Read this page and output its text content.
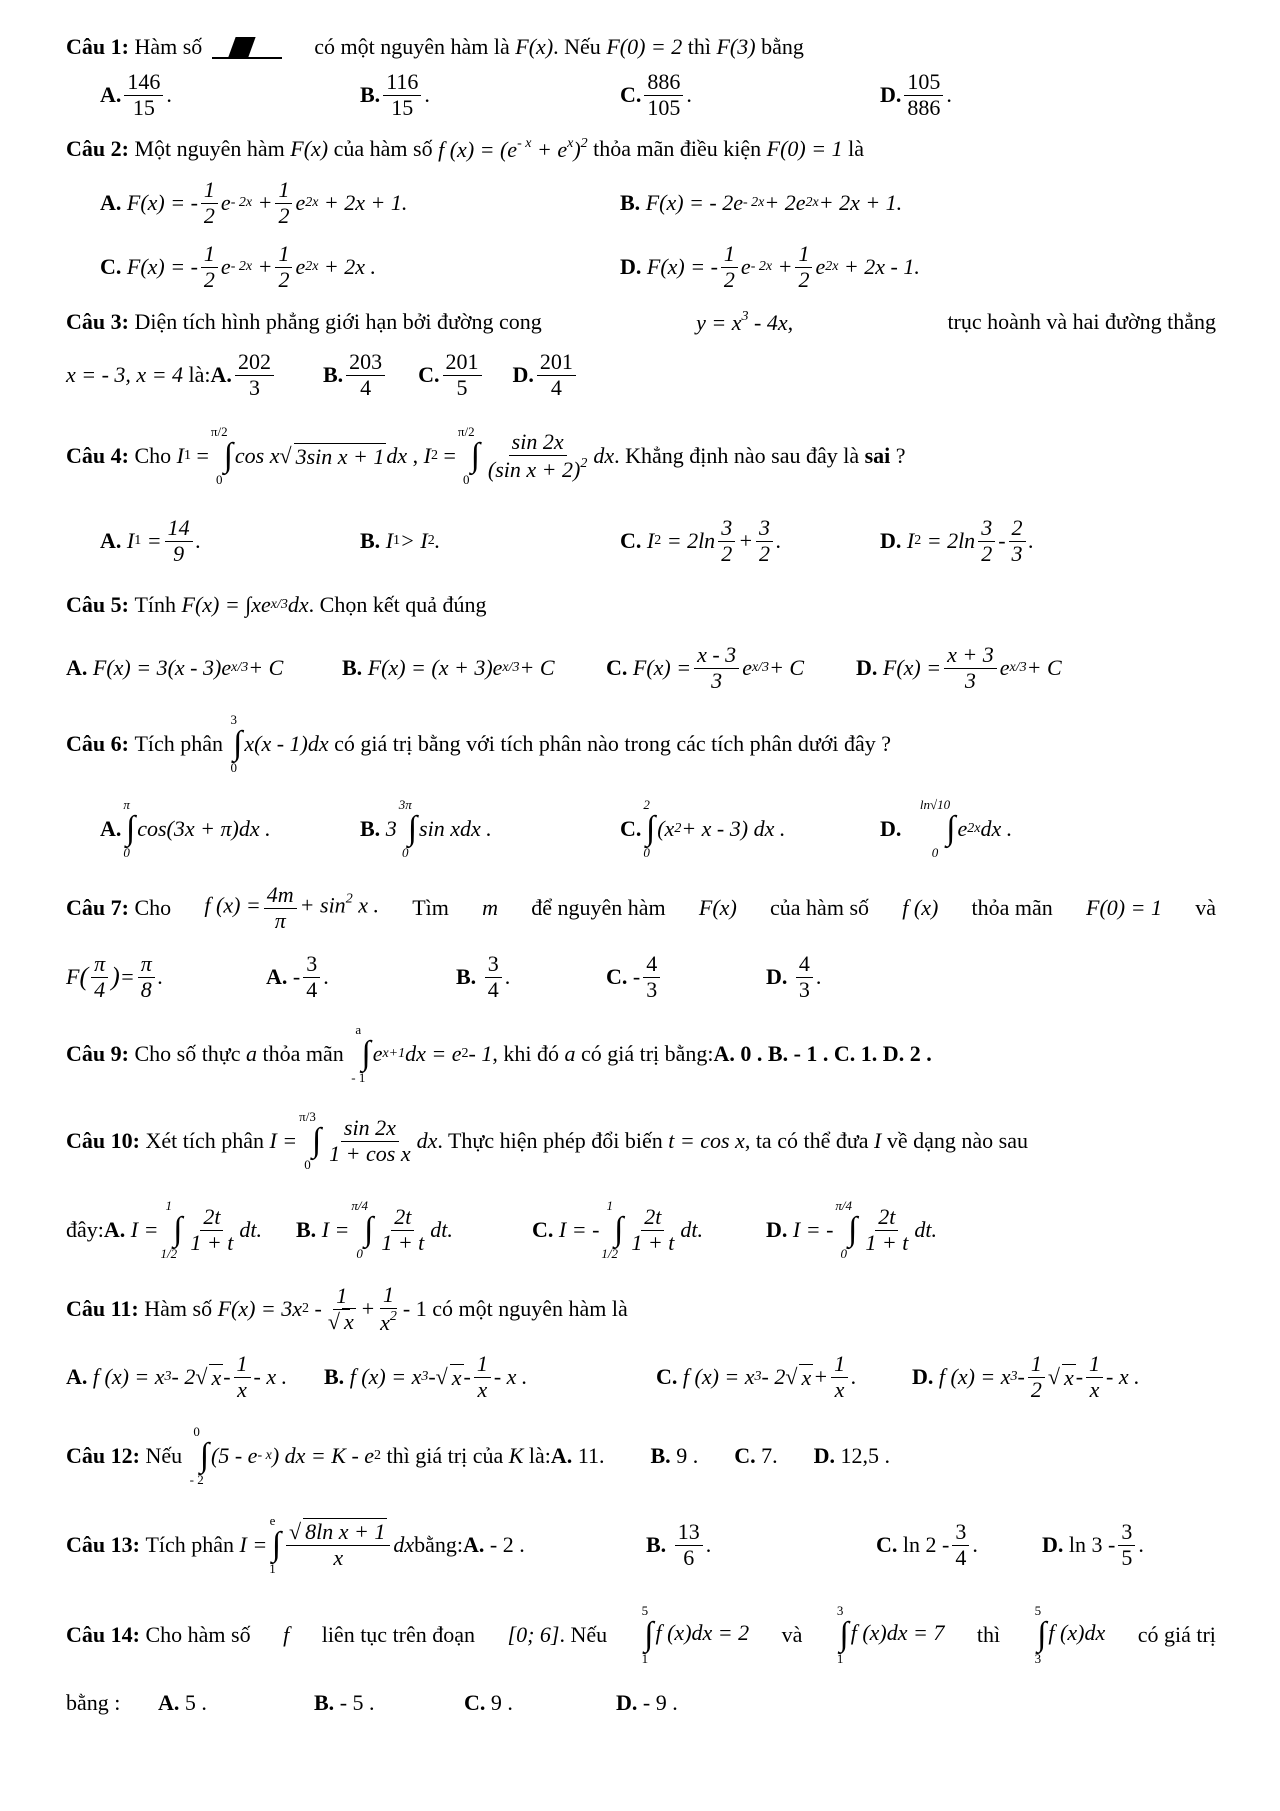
Câu 1:
Hàm số
	có một nguyên hàm là
F(x) . Nếu
F(0) = 2
thì
F(3)
bằng
A. $\frac{146}{15}$ .	B. $\frac{116}{15}$ .	C. $\frac{886}{105}$ .	D. $\frac{105}{886}$ .
Câu 2:
Một nguyên hàm
F(x)
của hàm số
f $(x) = (e^{- x} + e^x)^2$
thỏa mãn điều kiện
F(0) = 1
là
A.
F(x) = - $\frac{1}{2}$ e - 2x
+ $\frac{1}{2}$ e 2x
+ 2x + 1.	B.
F(x) = - 2e - 2x + 2e 2x + 2x + 1.
C.
F(x) = - $\frac{1}{2}$ e - 2x
+ $\frac{1}{2}$ e 2x
+ 2x .	D.
F(x) = - $\frac{1}{2}$ e - 2x
+ $\frac{1}{2}$ e 2x
+ 2x - 1.
Câu 3: Diện tích hình phẳng giới hạn bởi đường cong	$y = x^3 - 4x$,	trục hoành và hai đường thẳng
x = - 3, x = 4
là: A. $\frac{202}{3} B$. $\frac{203}{4} C$. $\frac{201}{5} D$. $\frac{201}{4}$
Câu 4:
Cho
I 1
=
π/2
0
∫ cos x √ 3sin x + 1 dx
,
I 2
=
π/2
0
∫ $\frac{\sin 2x}{(\sin x + 2)^2}$ dx . Khẳng định nào sau đây là
sai
?
A.
I 1
= $\frac{14}{9}$ .	B.
I 1 > I 2 .	C.
I 2
= $2\ln \frac{3}{2} + \frac{3}{2}$ .	D.
I 2
= $2\ln \frac{3}{2} - \frac{2}{3}$ .
Câu 5:
Tính
F(x) = ∫xe x/3 dx . Chọn kết quả đúng
A.
F(x) = 3(x - 3)e x/3 + C	B.
F(x) = (x + 3)e x/3 + C C.
$F(x) = \frac{x - 3}{3}$ e x/3 + C D.
$F(x) = \frac{x + 3}{3}$ e x/3 + C
Câu 6:
Tích phân

3
0
∫ x(x - 1)dx
có giá trị bằng với tích phân nào trong các tích phân dưới đây ?
A.
π
0
∫ cos(3x + π)dx .	B.
3
3π
0
∫ sin xdx .	C.
2
0
∫ (x 2 + x - 3) dx .	D.

ln√10
0
∫ e 2x dx .
Câu 7: Cho f $(x) = \frac{4m}{\pi} + \sin^2 x$ . Tìm m để nguyên hàm F(x) của hàm số f (x) thỏa mãn F(0) = 1 và
F ( $\frac{\pi}{4}$ ) = $\frac{\pi}{8}$ .	A.
- $\frac{3}{4}$ .	B.
$\frac{3}{4}$ .	C.
- $\frac{4}{3}$	D.
$\frac{4}{3}$ .
Câu 9:
Cho số thực
a
thỏa mãn

a
- 1
∫ e x+1 dx = e 2 - 1 , khi đó
a
có giá trị bằng: A. 0 . B. - 1 . C. 1. D. 2 .
Câu 10:
Xét tích phân
I =
π/3
0
∫ $\frac{\sin 2x}{\text{1 + cos x}}$ dx . Thực hiện phép đổi biến
t = cos x , ta có thể đưa
I
về dạng nào sau
đây: A.
I =
1
1/2
∫ $\frac{2t}{1 + t}$ dt . B.
I =
π/4
0
∫ $\frac{2t}{1 + t}$ dt .	C.
I = -
1
1/2
∫ $\frac{2t}{1 + t}$ dt .	D.
I = -
π/4
0
∫ $\frac{2t}{1 + t}$ dt .
Câu 11:
Hàm số
F(x) = 3x 2
- $\frac{1}{√ x} + \frac{1}{x^2} - 1$
có một nguyên hàm là
A.
f (x) = x 3 - 2 √ x - $\frac{1}{x}$ - x . B.
f (x) = x 3 - √ x - $\frac{1}{x}$ - x .	C.
f (x) = x 3 - 2 √ $x + \frac{1}{x}$ .	D.
f (x) = x $3 - \frac{1}{2}$ √ x - $\frac{1}{x}$ - x .
Câu 12:
Nếu

0
- 2
∫ (5 - e - x ) dx = K - e 2
thì giá trị của
K
là: A.
11. B.
9 . C.
7. D.
12,5 .
Câu 13:
Tích phân
I =
e
1
∫ $\frac{\text{√ 8ln x + 1}}{x}$ dx bằng: A.
- 2 .	B.
$\frac{13}{6}$ .	C.
$\ln 2 - \frac{3}{4}$ .	D.
$\ln 3 - \frac{3}{5}$ .
Câu 14: Cho hàm số f liên tục trên đoạn [0; 6]. Nếu
5
1
∫ f (x)dx = 2 và
3
1
∫ f (x)dx = 7 thì
5
3
∫ f (x)dx có giá trị
bằng : A.
5 .	B.
- 5 .	C.
9 .	D.
- 9 .
